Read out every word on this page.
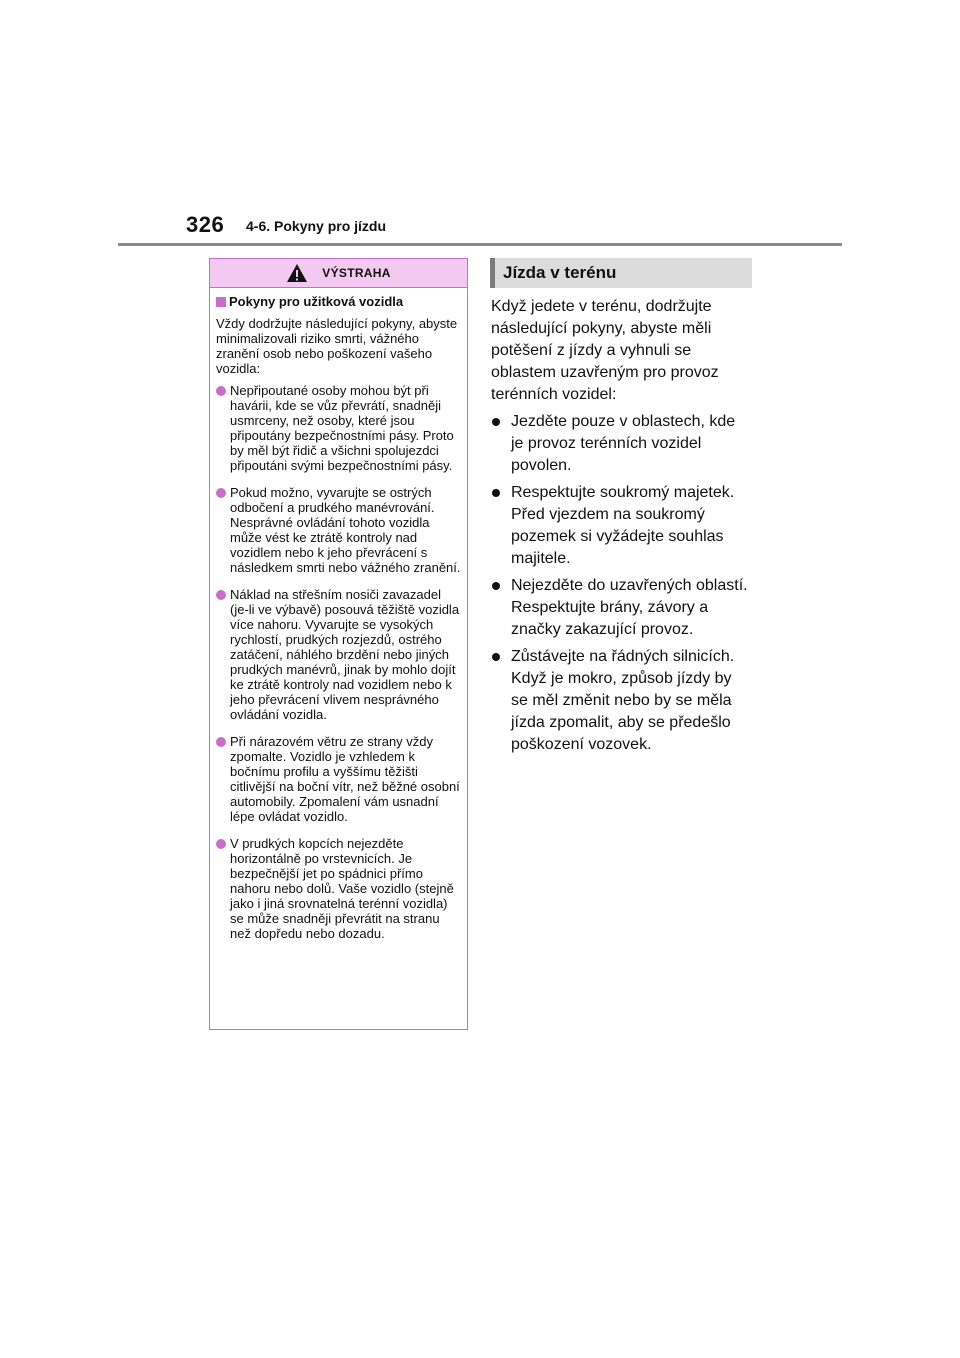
326 4-6. Pokyny pro jízdu
VÝSTRAHA
Pokyny pro užitková vozidla
Vždy dodržujte následující pokyny, abyste minimalizovali riziko smrti, vážného zranění osob nebo poškození vašeho vozidla:
Nepřipoutané osoby mohou být při havárii, kde se vůz převrátí, snadněji usmrceny, než osoby, které jsou připoutány bezpečnostními pásy. Proto by měl být řidič a všichni spolujezdci připoutáni svými bezpečnostními pásy.
Pokud možno, vyvarujte se ostrých odbočení a prudkého manévrování. Nesprávné ovládání tohoto vozidla může vést ke ztrátě kontroly nad vozidlem nebo k jeho převrácení s následkem smrti nebo vážného zranění.
Náklad na střešním nosiči zavazadel (je-li ve výbavě) posouvá těžiště vozidla více nahoru. Vyvarujte se vysokých rychlostí, prudkých rozjezdů, ostrého zatáčení, náhlého brzdění nebo jiných prudkých manévrů, jinak by mohlo dojít ke ztrátě kontroly nad vozidlem nebo k jeho převrácení vlivem nesprávného ovládání vozidla.
Při nárazovém větru ze strany vždy zpomalte. Vozidlo je vzhledem k bočnímu profilu a vyššímu těžišti citlivější na boční vítr, než běžné osobní automobily. Zpomalení vám usnadní lépe ovládat vozidlo.
V prudkých kopcích nejezděte horizontálně po vrstevnicích. Je bezpečnější jet po spádnici přímo nahoru nebo dolů. Vaše vozidlo (stejně jako i jiná srovnatelná terénní vozidla) se může snadněji převrátit na stranu než dopředu nebo dozadu.
Jízda v terénu
Když jedete v terénu, dodržujte následující pokyny, abyste měli potěšení z jízdy a vyhnuli se oblastem uzavřeným pro provoz terénních vozidel:
Jezděte pouze v oblastech, kde je provoz terénních vozidel povolen.
Respektujte soukromý majetek. Před vjezdem na soukromý pozemek si vyžádejte souhlas majitele.
Nejezděte do uzavřených oblastí. Respektujte brány, závory a značky zakazující provoz.
Zůstávejte na řádných silnicích. Když je mokro, způsob jízdy by se měl změnit nebo by se měla jízda zpomalit, aby se předešlo poškození vozovek.
